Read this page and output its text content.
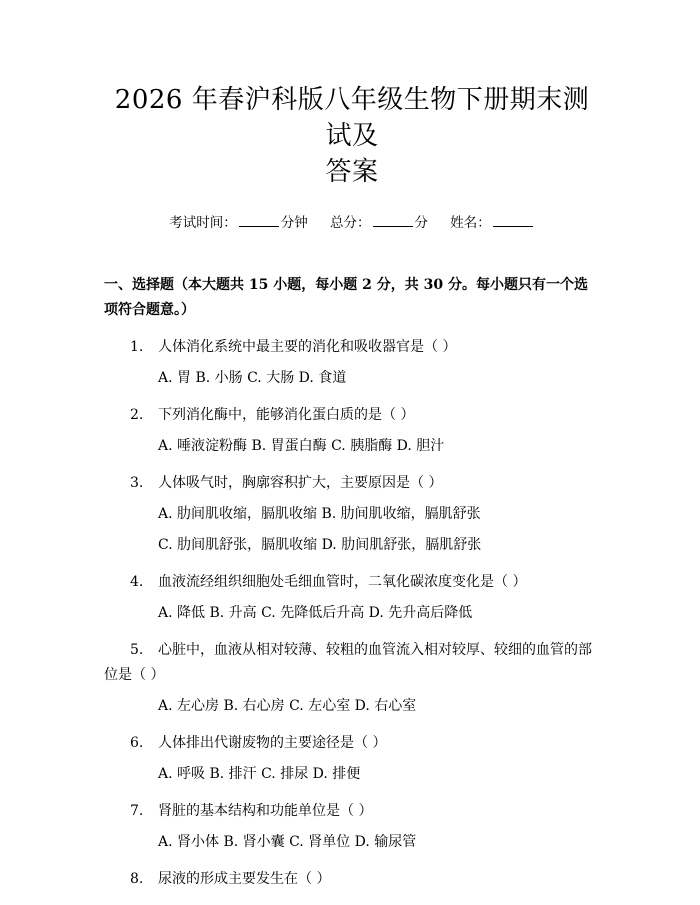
2026 年春沪科版八年级生物下册期末测试及
答案
考试时间：	分钟 总分：	分 姓名：
一、选择题（本大题共 15 小题，每小题 2 分，共 30 分。每小题只有一个选项符合题意。）
1. 人体消化系统中最主要的消化和吸收器官是（ ）
A. 胃 B. 小肠 C. 大肠 D. 食道
2. 下列消化酶中，能够消化蛋白质的是（ ）
A. 唾液淀粉酶 B. 胃蛋白酶 C. 胰脂酶 D. 胆汁
3. 人体吸气时，胸廓容积扩大，主要原因是（ ）
A. 肋间肌收缩，膈肌收缩 B. 肋间肌收缩，膈肌舒张
C. 肋间肌舒张，膈肌收缩 D. 肋间肌舒张，膈肌舒张
4. 血液流经组织细胞处毛细血管时，二氧化碳浓度变化是（ ）
A. 降低 B. 升高 C. 先降低后升高 D. 先升高后降低
5. 心脏中，血液从相对较薄、较粗的血管流入相对较厚、较细的血管的部位是（ ）
A. 左心房 B. 右心房 C. 左心室 D. 右心室
6. 人体排出代谢废物的主要途径是（ ）
A. 呼吸 B. 排汗 C. 排尿 D. 排便
7. 肾脏的基本结构和功能单位是（ ）
A. 肾小体 B. 肾小囊 C. 肾单位 D. 输尿管
8. 尿液的形成主要发生在（ ）
